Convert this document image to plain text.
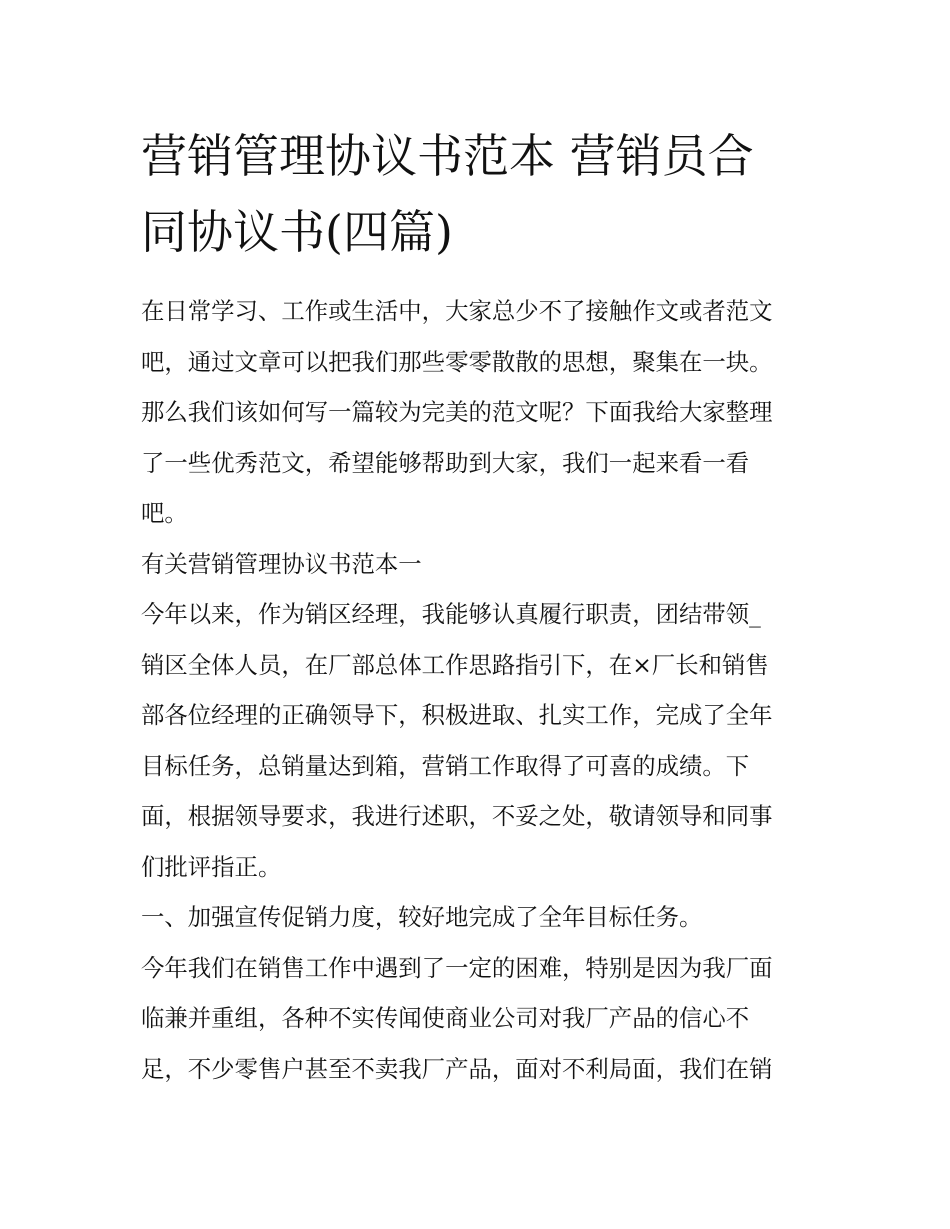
营销管理协议书范本 营销员合
同协议书(四篇)

在日常学习、工作或生活中，大家总少不了接触作文或者范文
吧，通过文章可以把我们那些零零散散的思想，聚集在一块。
那么我们该如何写一篇较为完美的范文呢？下面我给大家整理
了一些优秀范文，希望能够帮助到大家，我们一起来看一看
吧。

有关营销管理协议书范本一

今年以来，作为销区经理，我能够认真履行职责，团结带领_
销区全体人员，在厂部总体工作思路指引下，在×厂长和销售
部各位经理的正确领导下，积极进取、扎实工作，完成了全年
目标任务，总销量达到箱，营销工作取得了可喜的成绩。下
面，根据领导要求，我进行述职，不妥之处，敬请领导和同事
们批评指正。

一、加强宣传促销力度，较好地完成了全年目标任务。

今年我们在销售工作中遇到了一定的困难，特别是因为我厂面
临兼并重组，各种不实传闻使商业公司对我厂产品的信心不
足，不少零售户甚至不卖我厂产品，面对不利局面，我们在销
